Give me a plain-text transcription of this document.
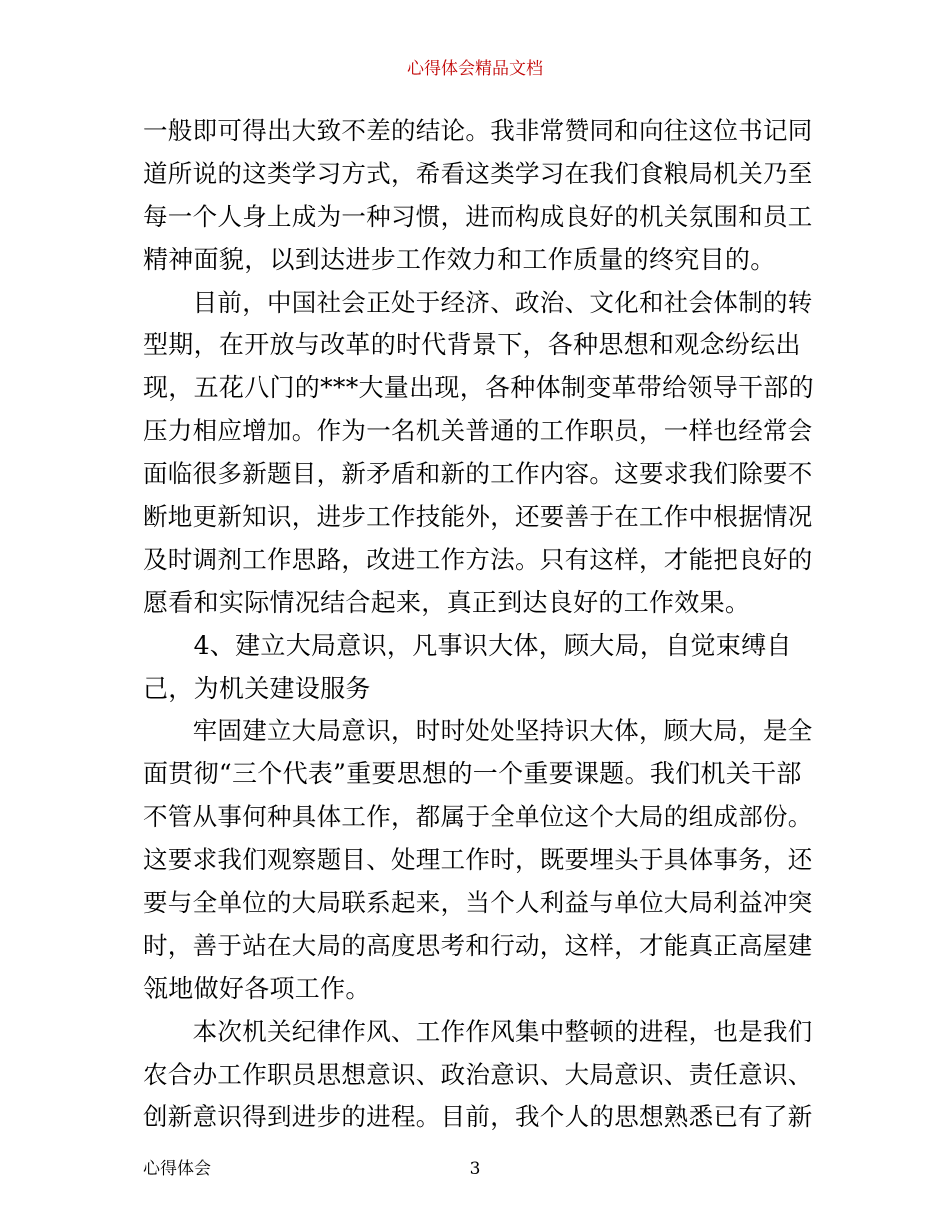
心得体会精品文档
一般即可得出大致不差的结论。我非常赞同和向往这位书记同
道所说的这类学习方式，希看这类学习在我们食粮局机关乃至
每一个人身上成为一种习惯，进而构成良好的机关氛围和员工
精神面貌，以到达进步工作效力和工作质量的终究目的。
　　目前，中国社会正处于经济、政治、文化和社会体制的转
型期，在开放与改革的时代背景下，各种思想和观念纷纭出
现，五花八门的***大量出现，各种体制变革带给领导干部的
压力相应增加。作为一名机关普通的工作职员，一样也经常会
面临很多新题目，新矛盾和新的工作内容。这要求我们除要不
断地更新知识，进步工作技能外，还要善于在工作中根据情况
及时调剂工作思路，改进工作方法。只有这样，才能把良好的
愿看和实际情况结合起来，真正到达良好的工作效果。
　　4、建立大局意识，凡事识大体，顾大局，自觉束缚自
己，为机关建设服务
　　牢固建立大局意识，时时处处坚持识大体，顾大局，是全
面贯彻“三个代表”重要思想的一个重要课题。我们机关干部
不管从事何种具体工作，都属于全单位这个大局的组成部份。
这要求我们观察题目、处理工作时，既要埋头于具体事务，还
要与全单位的大局联系起来，当个人利益与单位大局利益冲突
时，善于站在大局的高度思考和行动，这样，才能真正高屋建
瓴地做好各项工作。
　　本次机关纪律作风、工作作风集中整顿的进程，也是我们
农合办工作职员思想意识、政治意识、大局意识、责任意识、
创新意识得到进步的进程。目前，我个人的思想熟悉已有了新
心得体会	3
